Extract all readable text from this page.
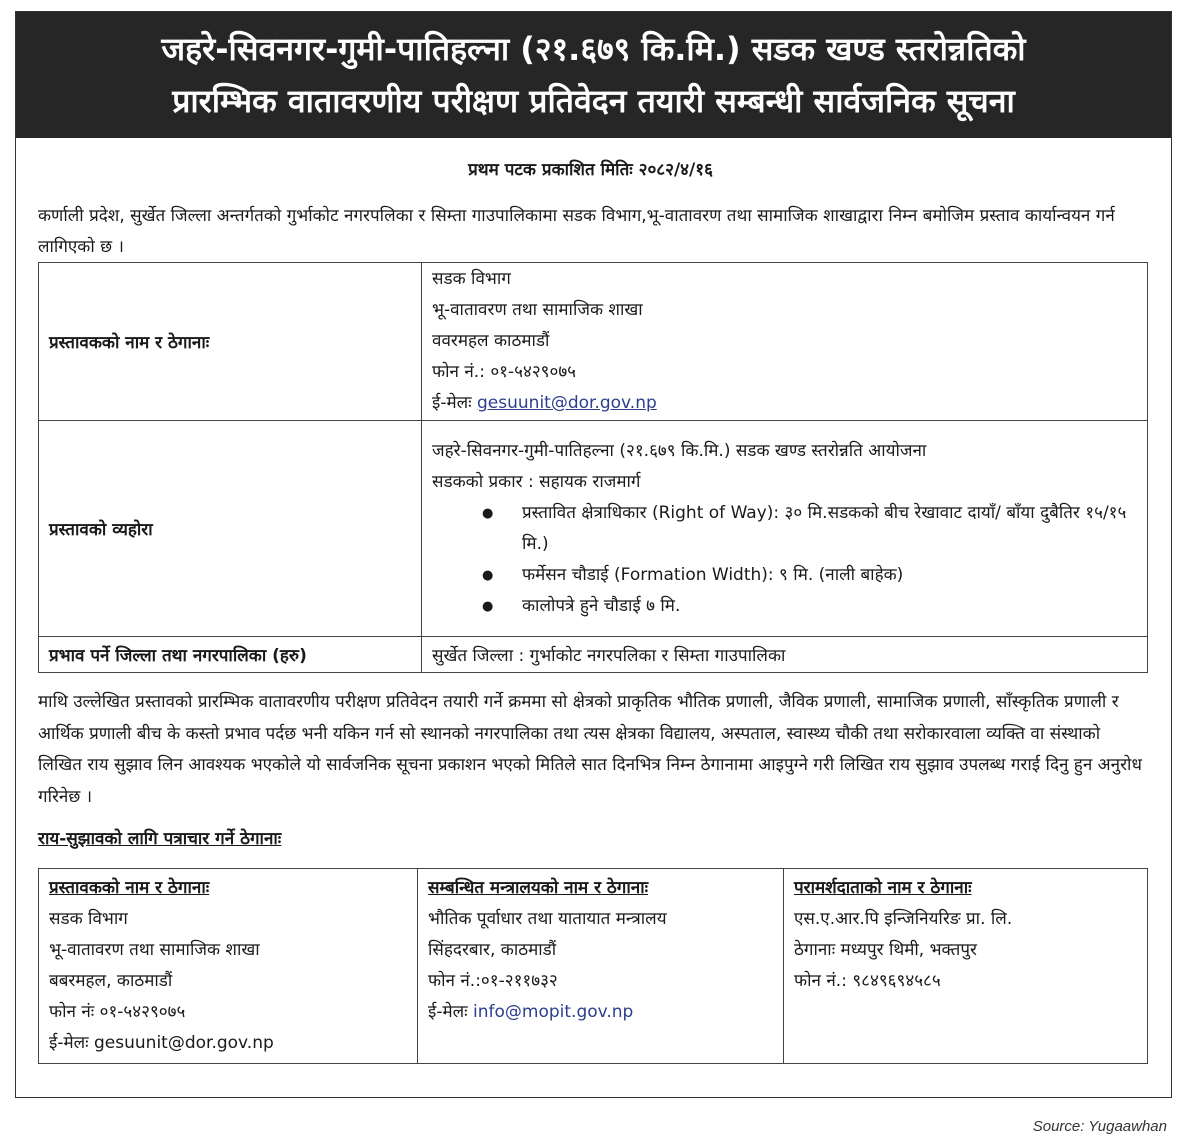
जहरे-सिवनगर-गुमी-पातिहल्ना (२१.६७९ कि.मि.) सडक खण्ड स्तरोन्नतिको
प्रारम्भिक वातावरणीय परीक्षण प्रतिवेदन तयारी सम्बन्धी सार्वजनिक सूचना
प्रथम पटक प्रकाशित मितिः २०८२/४/१६
कर्णाली प्रदेश, सुर्खेत जिल्ला अन्तर्गतको गुर्भाकोट नगरपलिका र सिम्ता गाउपालिकामा सडक विभाग,भू-वातावरण तथा सामाजिक शाखाद्वारा निम्न बमोजिम प्रस्ताव कार्यान्वयन गर्न लागिएको छ ।
प्रस्तावकको नाम र ठेगानाः	सडक विभाग
भू-वातावरण तथा सामाजिक शाखा
ववरमहल काठमाडौं
फोन नं.: ०१-५४२९०७५
ई-मेलः gesuunit@dor.gov.np

प्रस्तावको व्यहोरा	जहरे-सिवनगर-गुमी-पातिहल्ना (२१.६७९ कि.मि.) सडक खण्ड स्तरोन्नति आयोजना
सडकको प्रकार : सहायक राजमार्ग
● प्रस्तावित क्षेत्राधिकार (Right of Way): ३० मि.सडकको बीच रेखावाट दायाँ/ बाँया दुबैतिर १५/१५ मि.)
● फर्मेसन चौडाई (Formation Width): ९ मि. (नाली बाहेक)
● कालोपत्रे हुने चौडाई ७ मि.

प्रभाव पर्ने जिल्ला तथा नगरपालिका (हरु)	सुर्खेत जिल्ला : गुर्भाकोट नगरपलिका र सिम्ता गाउपालिका
माथि उल्लेखित प्रस्तावको प्रारम्भिक वातावरणीय परीक्षण प्रतिवेदन तयारी गर्ने क्रममा सो क्षेत्रको प्राकृतिक भौतिक प्रणाली, जैविक प्रणाली, सामाजिक प्रणाली, साँस्कृतिक प्रणाली र आर्थिक प्रणाली बीच के कस्तो प्रभाव पर्दछ भनी यकिन गर्न सो स्थानको नगरपालिका तथा त्यस क्षेत्रका विद्यालय, अस्पताल, स्वास्थ्य चौकी तथा सरोकारवाला व्यक्ति वा संस्थाको लिखित राय सुझाव लिन आवश्यक भएकोले यो सार्वजनिक सूचना प्रकाशन भएको मितिले सात दिनभित्र निम्न ठेगानामा आइपुग्ने गरी लिखित राय सुझाव उपलब्ध गराई दिनु हुन अनुरोध गरिनेछ ।
राय-सुझावको लागि पत्राचार गर्ने ठेगानाः
प्रस्तावकको नाम र ठेगानाः
सडक विभाग
भू-वातावरण तथा सामाजिक शाखा
बबरमहल, काठमाडौं
फोन नंः ०१-५४२९०७५
ई-मेलः gesuunit@dor.gov.np

सम्बन्धित मन्त्रालयको नाम र ठेगानाः
भौतिक पूर्वाधार तथा यातायात मन्त्रालय
सिंहदरबार, काठमाडौं
फोन नं.:०१-२११७३२
ई-मेलः info@mopit.gov.np

परामर्शदाताको नाम र ठेगानाः
एस.ए.आर.पि इन्जिनियरिङ प्रा. लि.
ठेगानाः मध्यपुर थिमी, भक्तपुर
फोन नं.: ९८४९६९४५८५
Source: Yugaawhan
